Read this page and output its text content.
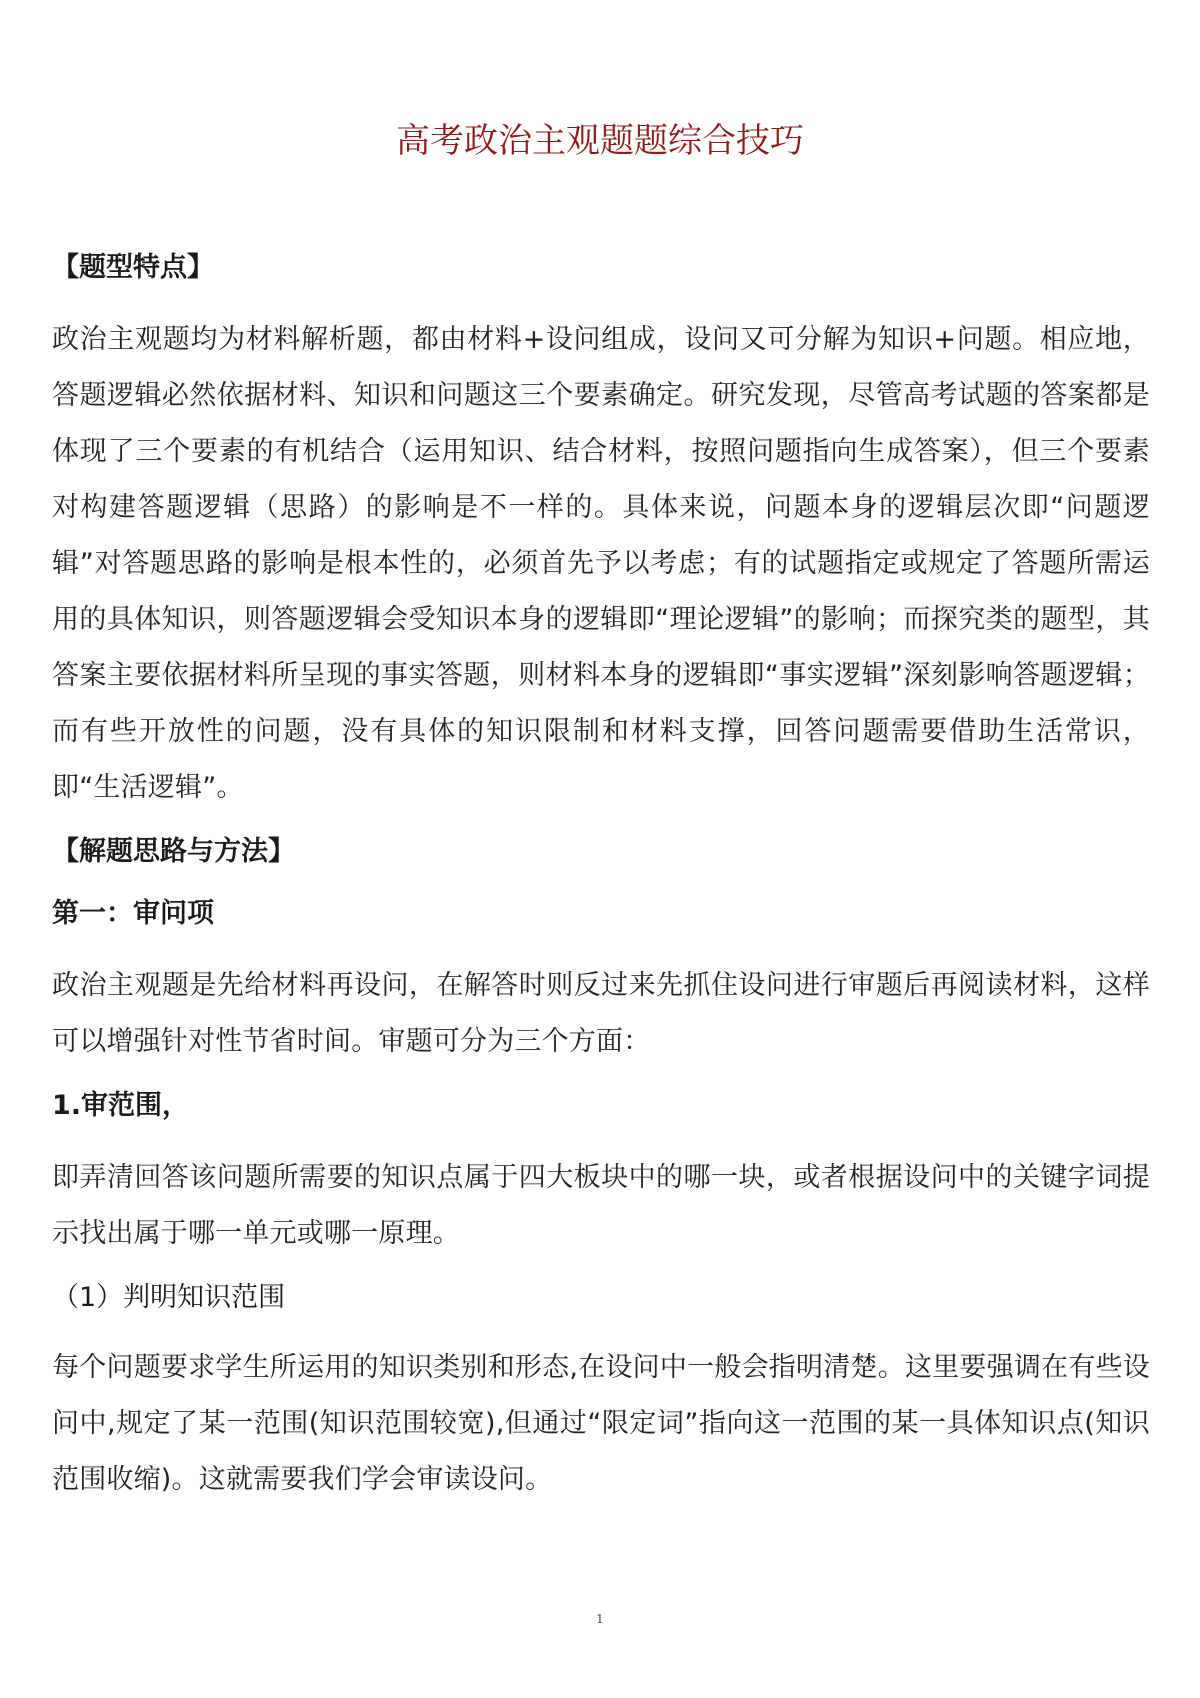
高考政治主观题题综合技巧
【题型特点】

政治主观题均为材料解析题，都由材料+设问组成，设问又可分解为知识+问题。相应地，答题逻辑必然依据材料、知识和问题这三个要素确定。研究发现，尽管高考试题的答案都是体现了三个要素的有机结合（运用知识、结合材料，按照问题指向生成答案），但三个要素对构建答题逻辑（思路）的影响是不一样的。具体来说，问题本身的逻辑层次即“问题逻辑”对答题思路的影响是根本性的，必须首先予以考虑；有的试题指定或规定了答题所需运用的具体知识，则答题逻辑会受知识本身的逻辑即“理论逻辑”的影响；而探究类的题型，其答案主要依据材料所呈现的事实答题，则材料本身的逻辑即“事实逻辑”深刻影响答题逻辑；而有些开放性的问题，没有具体的知识限制和材料支撑，回答问题需要借助生活常识，即“生活逻辑”。

【解题思路与方法】
第一：审问项

政治主观题是先给材料再设问，在解答时则反过来先抓住设问进行审题后再阅读材料，这样可以增强针对性节省时间。审题可分为三个方面：

1.审范围，

即弄清回答该问题所需要的知识点属于四大板块中的哪一块，或者根据设问中的关键字词提示找出属于哪一单元或哪一原理。

（1）判明知识范围

每个问题要求学生所运用的知识类别和形态,在设问中一般会指明清楚。这里要强调在有些设问中,规定了某一范围(知识范围较宽),但通过“限定词”指向这一范围的某一具体知识点(知识范围收缩)。这就需要我们学会审读设问。

1
